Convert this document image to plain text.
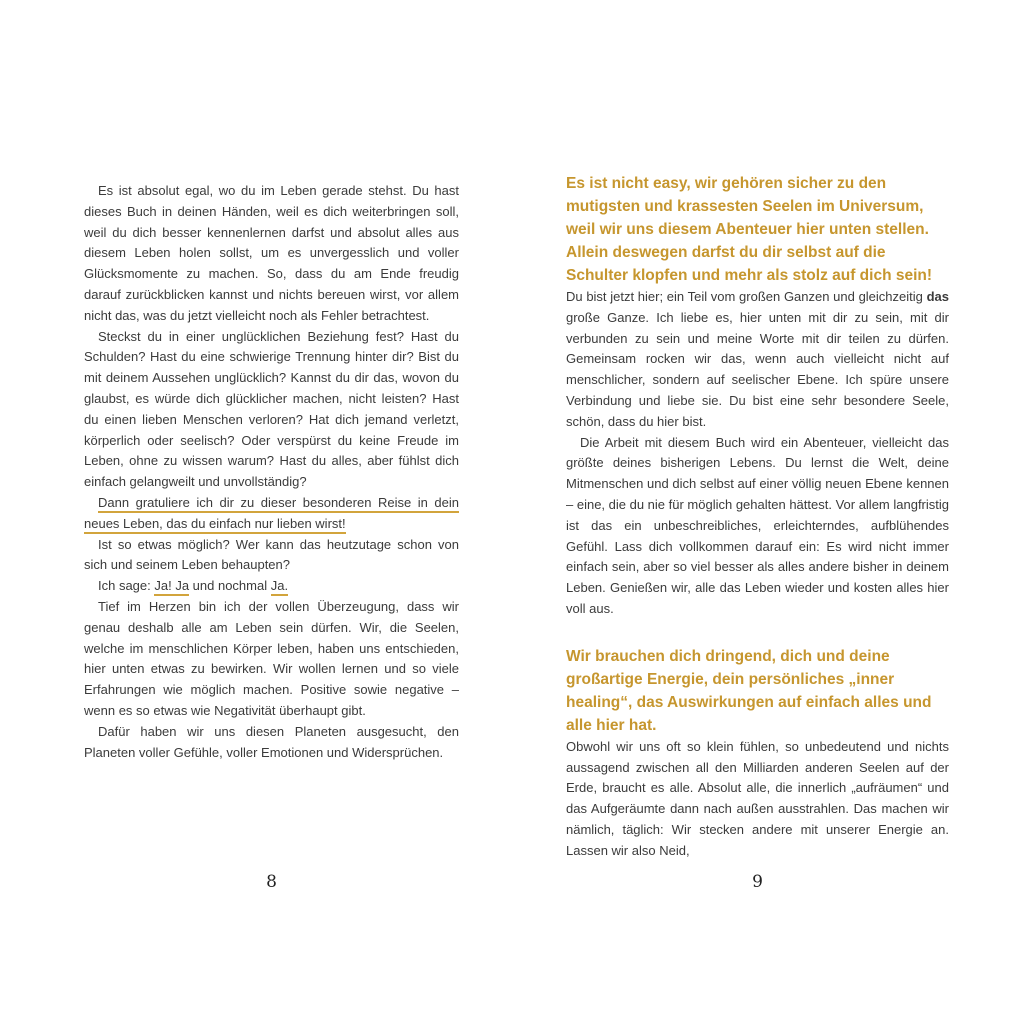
Es ist absolut egal, wo du im Leben gerade stehst. Du hast dieses Buch in deinen Händen, weil es dich weiterbringen soll, weil du dich besser kennenlernen darfst und absolut alles aus diesem Leben holen sollst, um es unvergesslich und voller Glücksmomente zu machen. So, dass du am Ende freudig darauf zurückblicken kannst und nichts bereuen wirst, vor allem nicht das, was du jetzt vielleicht noch als Fehler betrachtest.

Steckst du in einer unglücklichen Beziehung fest? Hast du Schulden? Hast du eine schwierige Trennung hinter dir? Bist du mit deinem Aussehen unglücklich? Kannst du dir das, wovon du glaubst, es würde dich glücklicher machen, nicht leisten? Hast du einen lieben Menschen verloren? Hat dich jemand verletzt, körperlich oder seelisch? Oder verspürst du keine Freude im Leben, ohne zu wissen warum? Hast du alles, aber fühlst dich einfach gelangweilt und unvollständig?

Dann gratuliere ich dir zu dieser besonderen Reise in dein neues Leben, das du einfach nur lieben wirst!

Ist so etwas möglich? Wer kann das heutzutage schon von sich und seinem Leben behaupten?

Ich sage: Ja! Ja und nochmal Ja.

Tief im Herzen bin ich der vollen Überzeugung, dass wir genau deshalb alle am Leben sein dürfen. Wir, die Seelen, welche im menschlichen Körper leben, haben uns entschieden, hier unten etwas zu bewirken. Wir wollen lernen und so viele Erfahrungen wie möglich machen. Positive sowie negative – wenn es so etwas wie Negativität überhaupt gibt.

Dafür haben wir uns diesen Planeten ausgesucht, den Planeten voller Gefühle, voller Emotionen und Widersprüchen.

8
Es ist nicht easy, wir gehören sicher zu den mutigsten und krassesten Seelen im Universum, weil wir uns diesem Abenteuer hier unten stellen. Allein deswegen darfst du dir selbst auf die Schulter klopfen und mehr als stolz auf dich sein!

Du bist jetzt hier; ein Teil vom großen Ganzen und gleichzeitig das große Ganze. Ich liebe es, hier unten mit dir zu sein, mit dir verbunden zu sein und meine Worte mit dir teilen zu dürfen. Gemeinsam rocken wir das, wenn auch vielleicht nicht auf menschlicher, sondern auf seelischer Ebene. Ich spüre unsere Verbindung und liebe sie. Du bist eine sehr besondere Seele, schön, dass du hier bist.

Die Arbeit mit diesem Buch wird ein Abenteuer, vielleicht das größte deines bisherigen Lebens. Du lernst die Welt, deine Mitmenschen und dich selbst auf einer völlig neuen Ebene kennen – eine, die du nie für möglich gehalten hättest. Vor allem langfristig ist das ein unbeschreibliches, erleichterndes, aufblühendes Gefühl. Lass dich vollkommen darauf ein: Es wird nicht immer einfach sein, aber so viel besser als alles andere bisher in deinem Leben. Genießen wir, alle das Leben wieder und kosten alles hier voll aus.

Wir brauchen dich dringend, dich und deine großartige Energie, dein persönliches „inner healing“, das Auswirkungen auf einfach alles und alle hier hat.

Obwohl wir uns oft so klein fühlen, so unbedeutend und nichts aussagend zwischen all den Milliarden anderen Seelen auf der Erde, braucht es alle. Absolut alle, die innerlich „aufräumen“ und das Aufgeräumte dann nach außen ausstrahlen. Das machen wir nämlich, täglich: Wir stecken andere mit unserer Energie an. Lassen wir also Neid,

9
